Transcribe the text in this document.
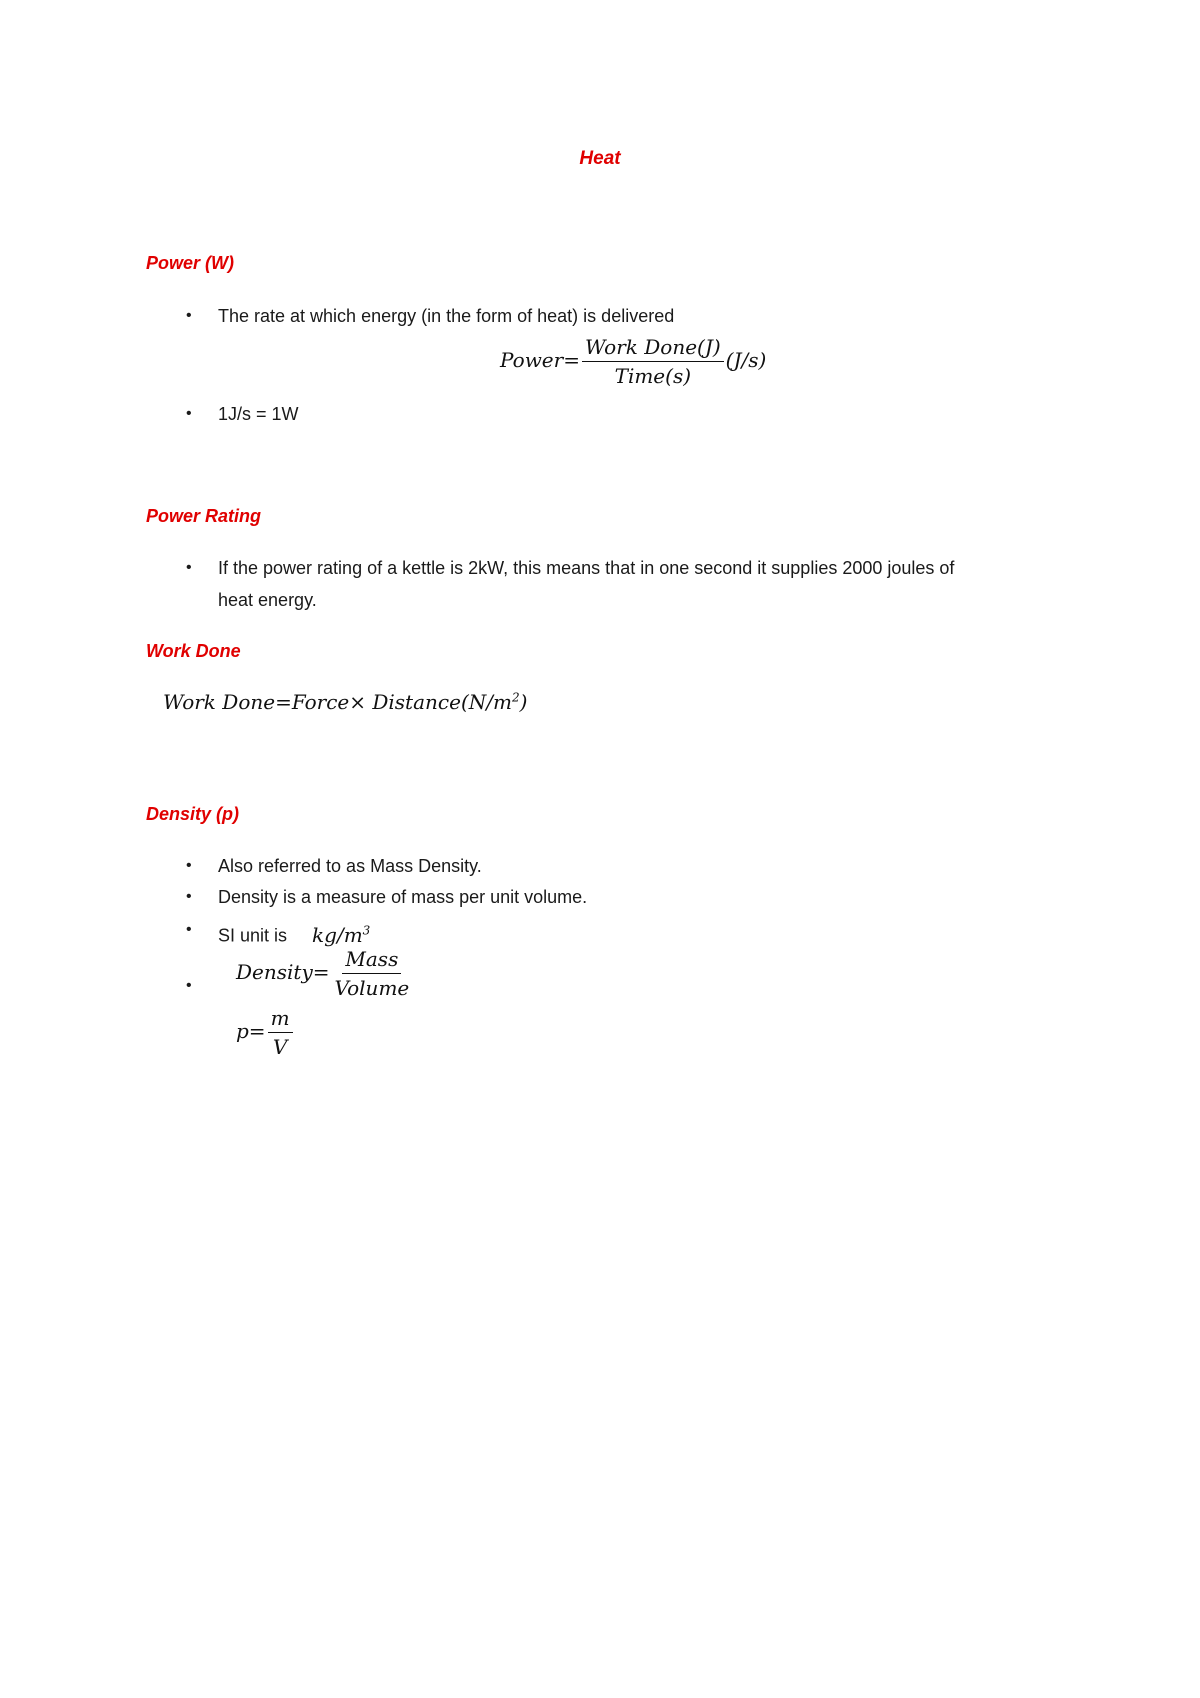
Heat
Power (W)
•	The rate at which energy (in the form of heat) is delivered
Power= $\frac{\text{Work Done(J)}}{\text{Time(s)}} (J/s)$
•	1J/s = 1W
Power Rating
•	If the power rating of a kettle is 2kW, this means that in one second it supplies 2000 joules of
heat energy.
Work Done
Work Done=Force× $Distance(N/m^2)$
Density (p)
•	Also referred to as Mass Density.
•	Density is a measure of mass per unit volume.
•	SI unit is $kg/m^3$
•
Density= $\frac{\text{Mass}}{\text{Volume}}$
$p= \frac{m}{V}$
